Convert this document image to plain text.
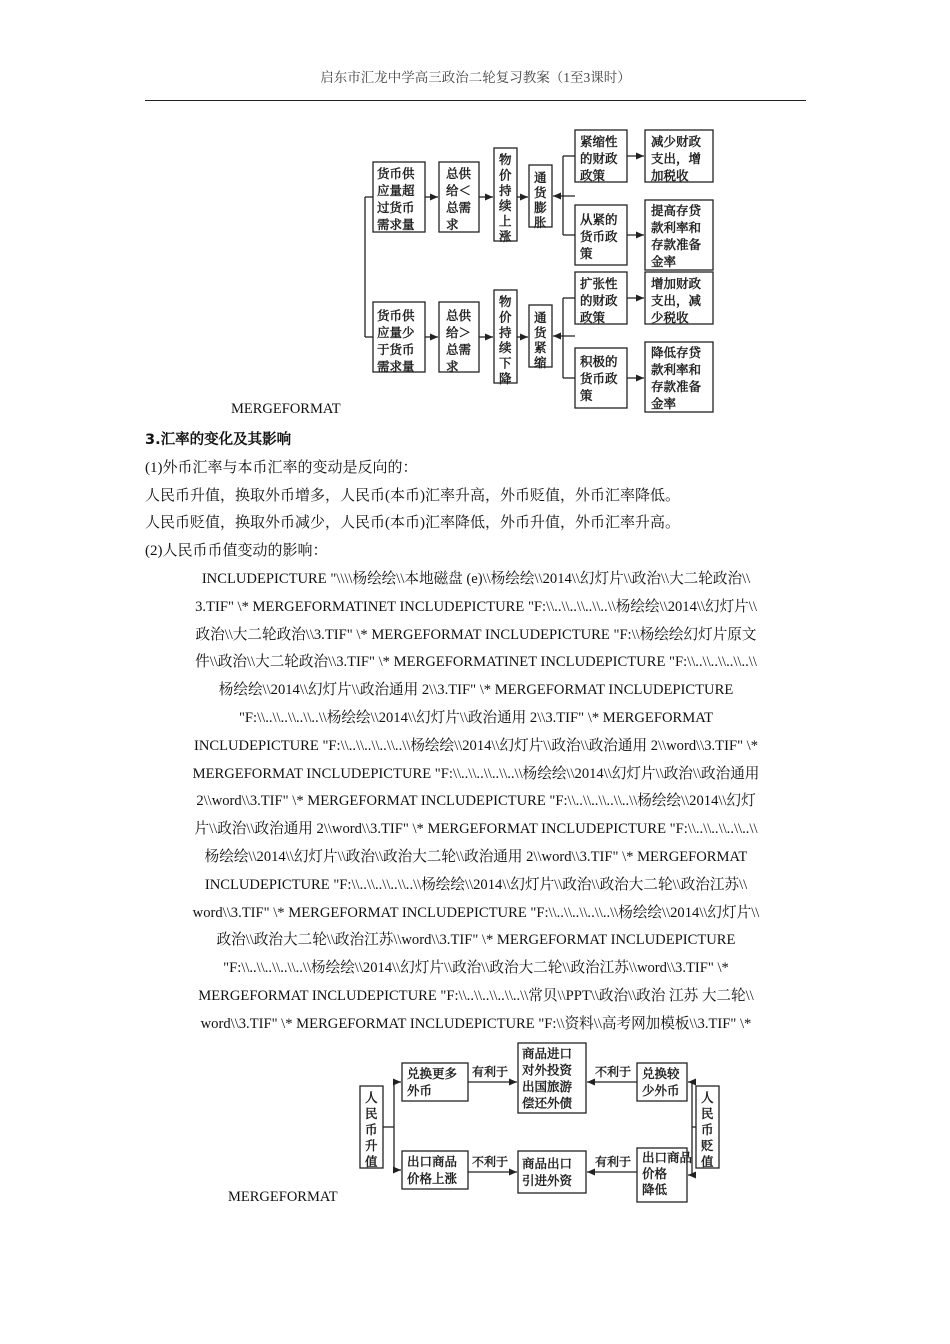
启东市汇龙中学高三政治二轮复习教案（1至3课时）
货币供
应量超
过货币
需求量
总供
给＜
总需
求
物
价
持
续
上
涨
货币供
应量少
于货币
需求量
总供
给＞
总需
求
物
价
持
续
下
降
通
货
膨
胀
通
货
紧
缩
紧缩性
的财政
政策
减少财政
支出，增
加税收
从紧的
货币政
策
提高存贷
款利率和
存款准备
金率
扩张性
的财政
政策
增加财政
支出，减
少税收
积极的
货币政
策
降低存贷
款利率和
存款准备
金率
MERGEFORMAT
3.汇率的变化及其影响
(1)外币汇率与本币汇率的变动是反向的：
人民币升值，换取外币增多，人民币(本币)汇率升高，外币贬值，外币汇率降低。
人民币贬值，换取外币减少，人民币(本币)汇率降低，外币升值，外币汇率升高。
(2)人民币币值变动的影响：
INCLUDEPICTURE "\\\\杨绘绘\\本地磁盘 (e)\\杨绘绘\\2014\\幻灯片\\政治\\大二轮政治\\
3.TIF" \* MERGEFORMATINET INCLUDEPICTURE "F:\\..\\..\\..\\..\\杨绘绘\\2014\\幻灯片\\
政治\\大二轮政治\\3.TIF" \* MERGEFORMAT INCLUDEPICTURE "F:\\杨绘绘幻灯片原文
件\\政治\\大二轮政治\\3.TIF" \* MERGEFORMATINET INCLUDEPICTURE "F:\\..\\..\\..\\..\\
杨绘绘\\2014\\幻灯片\\政治通用 2\\3.TIF" \* MERGEFORMAT INCLUDEPICTURE
"F:\\..\\..\\..\\..\\杨绘绘\\2014\\幻灯片\\政治通用 2\\3.TIF" \* MERGEFORMAT
INCLUDEPICTURE "F:\\..\\..\\..\\..\\杨绘绘\\2014\\幻灯片\\政治\\政治通用 2\\word\\3.TIF" \*
MERGEFORMAT INCLUDEPICTURE "F:\\..\\..\\..\\..\\杨绘绘\\2014\\幻灯片\\政治\\政治通用
2\\word\\3.TIF" \* MERGEFORMAT INCLUDEPICTURE "F:\\..\\..\\..\\..\\杨绘绘\\2014\\幻灯
片\\政治\\政治通用 2\\word\\3.TIF" \* MERGEFORMAT INCLUDEPICTURE "F:\\..\\..\\..\\..\\
杨绘绘\\2014\\幻灯片\\政治\\政治大二轮\\政治通用 2\\word\\3.TIF" \* MERGEFORMAT
INCLUDEPICTURE "F:\\..\\..\\..\\..\\杨绘绘\\2014\\幻灯片\\政治\\政治大二轮\\政治江苏\\
word\\3.TIF" \* MERGEFORMAT INCLUDEPICTURE "F:\\..\\..\\..\\..\\杨绘绘\\2014\\幻灯片\\
政治\\政治大二轮\\政治江苏\\word\\3.TIF" \* MERGEFORMAT INCLUDEPICTURE
"F:\\..\\..\\..\\..\\杨绘绘\\2014\\幻灯片\\政治\\政治大二轮\\政治江苏\\word\\3.TIF" \*
MERGEFORMAT INCLUDEPICTURE "F:\\..\\..\\..\\..\\常贝\\PPT\\政治\\政治 江苏 大二轮\\
word\\3.TIF" \* MERGEFORMAT INCLUDEPICTURE "F:\\资料\\高考网加模板\\3.TIF" \*
人
民
币
升
值
人
民
币
贬
值
兑换更多
外币
兑换较
少外币
商品进口
对外投资
出国旅游
偿还外债
出口商品
价格上涨
商品出口
引进外资
出口商品
价格
降低
有利于	不利于
不利于	有利于
MERGEFORMAT
